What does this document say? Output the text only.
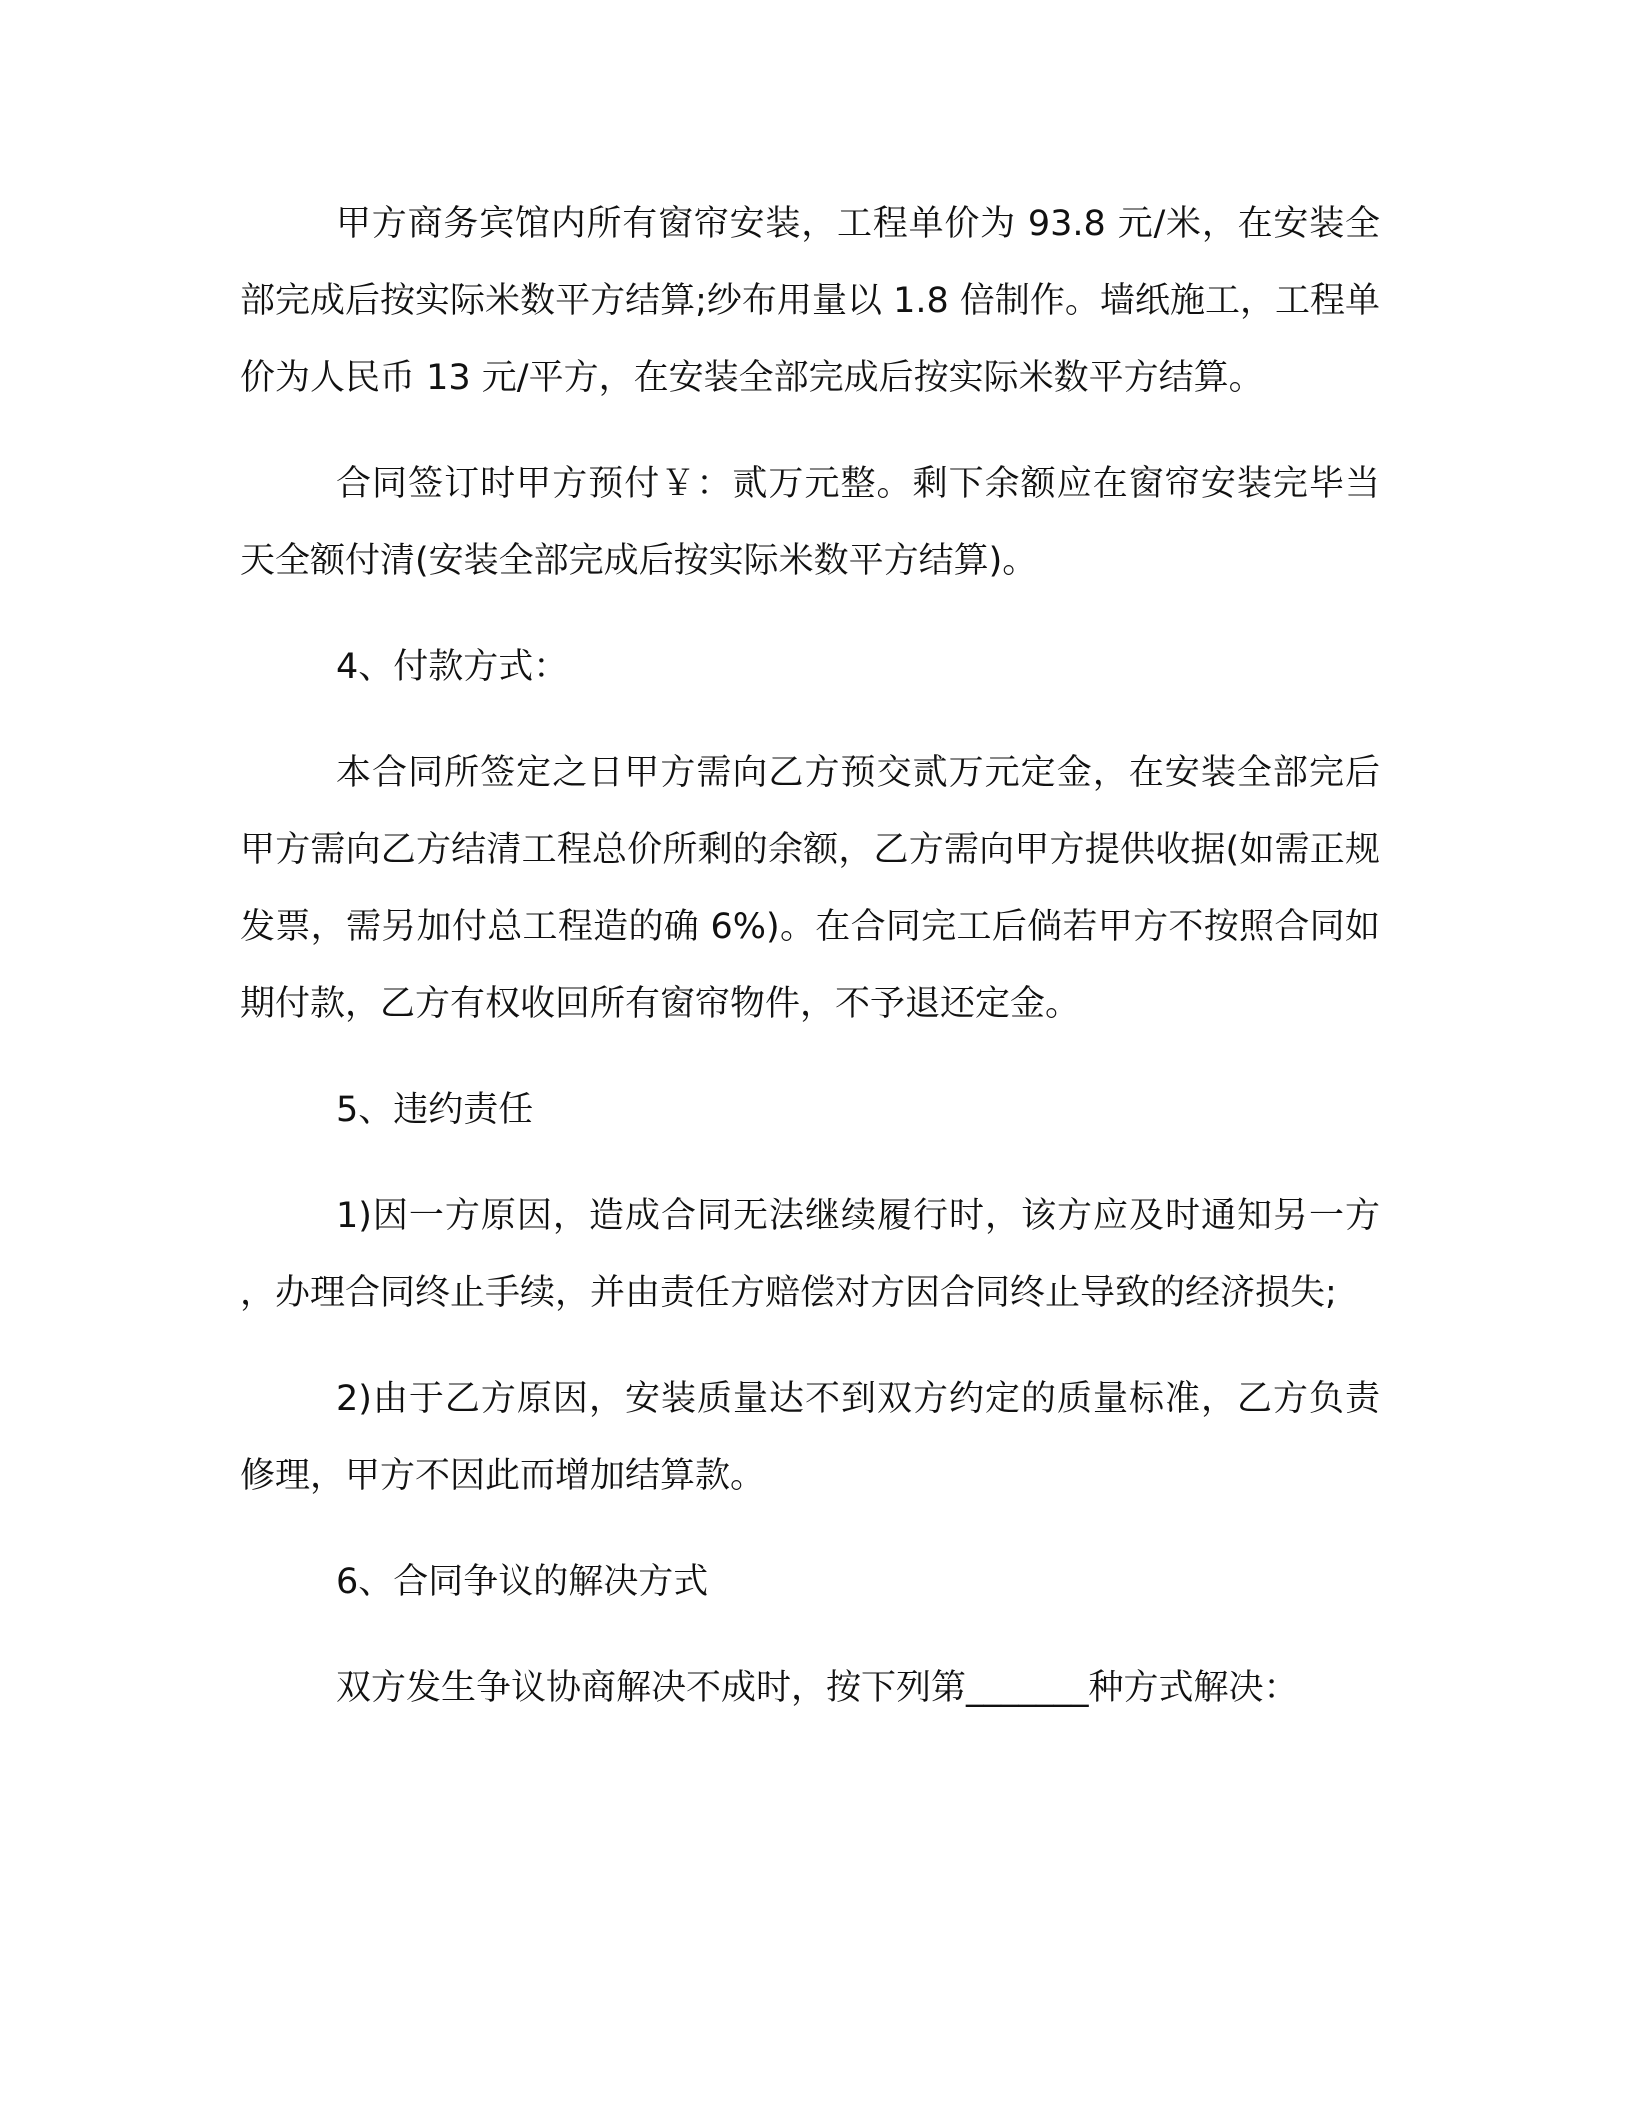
甲方商务宾馆内所有窗帘安装，工程单价为 93.8 元/米，在安装全部完成后按实际米数平方结算;纱布用量以 1.8 倍制作。墙纸施工，工程单价为人民币 13 元/平方，在安装全部完成后按实际米数平方结算。

合同签订时甲方预付￥：贰万元整。剩下余额应在窗帘安装完毕当天全额付清(安装全部完成后按实际米数平方结算)。

4、付款方式：

本合同所签定之日甲方需向乙方预交贰万元定金，在安装全部完后甲方需向乙方结清工程总价所剩的余额，乙方需向甲方提供收据(如需正规发票，需另加付总工程造的确 6%)。在合同完工后倘若甲方不按照合同如期付款，乙方有权收回所有窗帘物件，不予退还定金。

5、违约责任

1)因一方原因，造成合同无法继续履行时，该方应及时通知另一方，办理合同终止手续，并由责任方赔偿对方因合同终止导致的经济损失;

2)由于乙方原因，安装质量达不到双方约定的质量标准，乙方负责修理，甲方不因此而增加结算款。

6、合同争议的解决方式

双方发生争议协商解决不成时，按下列第_______种方式解决：
